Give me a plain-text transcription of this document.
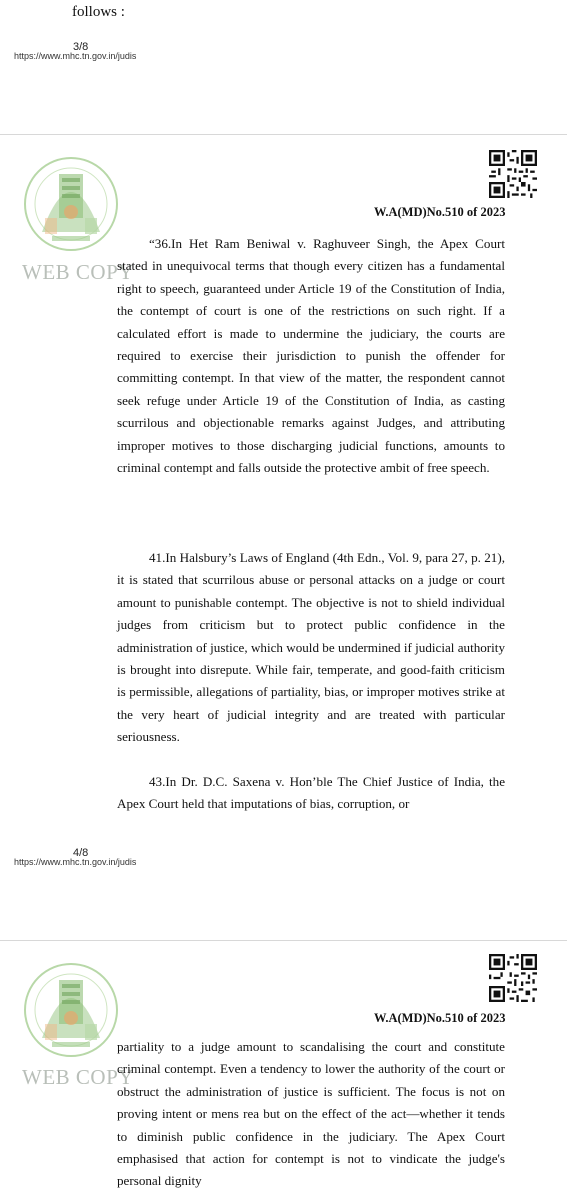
follows :
3/8
https://www.mhc.tn.gov.in/judis
WEB COPY
W.A(MD)No.510 of 2023

“36.In Het Ram Beniwal v. Raghuveer Singh, the Apex Court stated in unequivocal terms that though every citizen has a fundamental right to speech, guaranteed under Article 19 of the Constitution of India, the contempt of court is one of the restrictions on such right. If a calculated effort is made to undermine the judiciary, the courts are required to exercise their jurisdiction to punish the offender for committing contempt. In that view of the matter, the respondent cannot seek refuge under Article 19 of the Constitution of India, as casting scurrilous and objectionable remarks against Judges, and attributing improper motives to those discharging judicial functions, amounts to criminal contempt and falls outside the protective ambit of free speech.

41.In Halsbury’s Laws of England (4th Edn., Vol. 9, para 27, p. 21), it is stated that scurrilous abuse or personal attacks on a judge or court amount to punishable contempt. The objective is not to shield individual judges from criticism but to protect public confidence in the administration of justice, which would be undermined if judicial authority is brought into disrepute. While fair, temperate, and good-faith criticism is permissible, allegations of partiality, bias, or improper motives strike at the very heart of judicial integrity and are treated with particular seriousness.

43.In Dr. D.C. Saxena v. Hon’ble The Chief Justice of India, the Apex Court held that imputations of bias, corruption, or

4/8
https://www.mhc.tn.gov.in/judis
WEB COPY
W.A(MD)No.510 of 2023

partiality to a judge amount to scandalising the court and constitute criminal contempt. Even a tendency to lower the authority of the court or obstruct the administration of justice is sufficient. The focus is not on proving intent or mens rea but on the effect of the act—whether it tends to diminish public confidence in the judiciary. The Apex Court emphasised that action for contempt is not to vindicate the judge's personal dignity
